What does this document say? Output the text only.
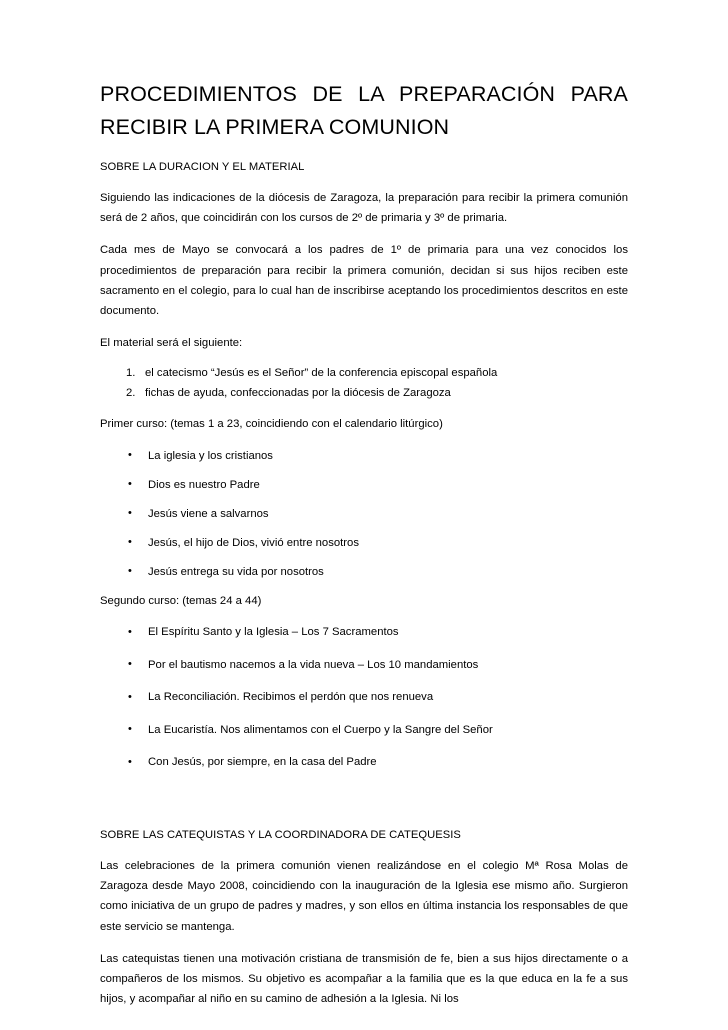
PROCEDIMIENTOS DE LA PREPARACIÓN PARA
RECIBIR LA PRIMERA COMUNION
SOBRE LA DURACION Y EL MATERIAL

Siguiendo las indicaciones de la diócesis de Zaragoza, la preparación para recibir la primera comunión será de 2 años, que coincidirán con los cursos de 2º de primaria y 3º de primaria.

Cada mes de Mayo se convocará a los padres de 1º de primaria para una vez conocidos los procedimientos de preparación para recibir la primera comunión, decidan si sus hijos reciben este sacramento en el colegio, para lo cual han de inscribirse aceptando los procedimientos descritos en este documento.

El material será el siguiente:

1. el catecismo “Jesús es el Señor” de la conferencia episcopal española
2. fichas de ayuda, confeccionadas por la diócesis de Zaragoza
Primer curso: (temas 1 a 23, coincidiendo con el calendario litúrgico)
• La iglesia y los cristianos
• Dios es nuestro Padre
• Jesús viene a salvarnos
• Jesús, el hijo de Dios, vivió entre nosotros
• Jesús entrega su vida por nosotros
Segundo curso: (temas 24 a 44)
• El Espíritu Santo y la Iglesia – Los 7 Sacramentos
• Por el bautismo nacemos a la vida nueva – Los 10 mandamientos
• La Reconciliación. Recibimos el perdón que nos renueva
• La Eucaristía. Nos alimentamos con el Cuerpo y la Sangre del Señor
• Con Jesús, por siempre, en la casa del Padre
SOBRE LAS CATEQUISTAS Y LA COORDINADORA DE CATEQUESIS

Las celebraciones de la primera comunión vienen realizándose en el colegio Mª Rosa Molas de Zaragoza desde Mayo 2008, coincidiendo con la inauguración de la Iglesia ese mismo año. Surgieron como iniciativa de un grupo de padres y madres, y son ellos en última instancia los responsables de que este servicio se mantenga.

Las catequistas tienen una motivación cristiana de transmisión de fe, bien a sus hijos directamente o a compañeros de los mismos. Su objetivo es acompañar a la familia que es la que educa en la fe a sus hijos, y acompañar al niño en su camino de adhesión a la Iglesia. Ni los
